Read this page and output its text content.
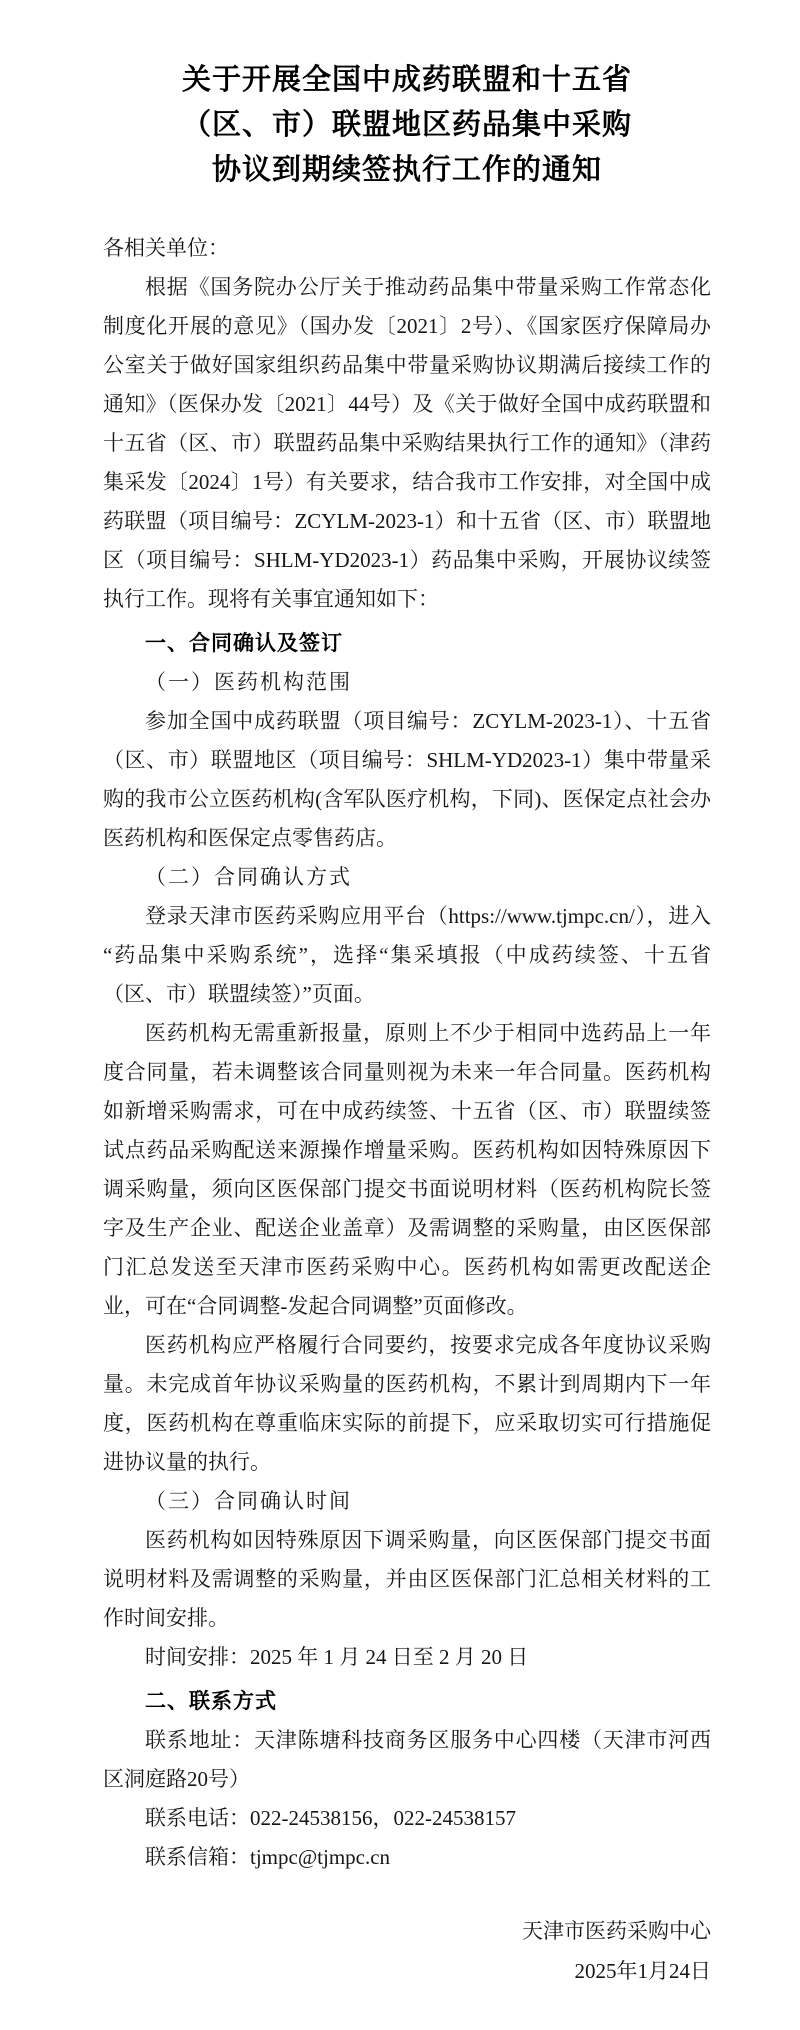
关于开展全国中成药联盟和十五省
（区、市）联盟地区药品集中采购
协议到期续签执行工作的通知

各相关单位：

根据《国务院办公厅关于推动药品集中带量采购工作常态化制度化开展的意见》（国办发〔2021〕2号）、《国家医疗保障局办公室关于做好国家组织药品集中带量采购协议期满后接续工作的通知》（医保办发〔2021〕44号）及《关于做好全国中成药联盟和十五省（区、市）联盟药品集中采购结果执行工作的通知》（津药集采发〔2024〕1号）有关要求，结合我市工作安排，对全国中成药联盟（项目编号：ZCYLM-2023-1）和十五省（区、市）联盟地区（项目编号：SHLM-YD2023-1）药品集中采购，开展协议续签执行工作。现将有关事宜通知如下：

一、合同确认及签订

（一）医药机构范围

参加全国中成药联盟（项目编号：ZCYLM-2023-1）、十五省（区、市）联盟地区（项目编号：SHLM-YD2023-1）集中带量采购的我市公立医药机构(含军队医疗机构，下同)、医保定点社会办医药机构和医保定点零售药店。

（二）合同确认方式

登录天津市医药采购应用平台（https://www.tjmpc.cn/），进入“药品集中采购系统”，选择“集采填报（中成药续签、十五省（区、市）联盟续签）”页面。

医药机构无需重新报量，原则上不少于相同中选药品上一年度合同量，若未调整该合同量则视为未来一年合同量。医药机构如新增采购需求，可在中成药续签、十五省（区、市）联盟续签试点药品采购配送来源操作增量采购。医药机构如因特殊原因下调采购量，须向区医保部门提交书面说明材料（医药机构院长签字及生产企业、配送企业盖章）及需调整的采购量，由区医保部门汇总发送至天津市医药采购中心。医药机构如需更改配送企业，可在“合同调整-发起合同调整”页面修改。

医药机构应严格履行合同要约，按要求完成各年度协议采购量。未完成首年协议采购量的医药机构，不累计到周期内下一年度，医药机构在尊重临床实际的前提下，应采取切实可行措施促进协议量的执行。

（三）合同确认时间

医药机构如因特殊原因下调采购量，向区医保部门提交书面说明材料及需调整的采购量，并由区医保部门汇总相关材料的工作时间安排。

时间安排：2025 年 1 月 24 日至 2 月 20 日

二、联系方式

联系地址：天津陈塘科技商务区服务中心四楼（天津市河西区洞庭路20号）

联系电话：022-24538156，022-24538157

联系信箱：tjmpc@tjmpc.cn

天津市医药采购中心

2025年1月24日
